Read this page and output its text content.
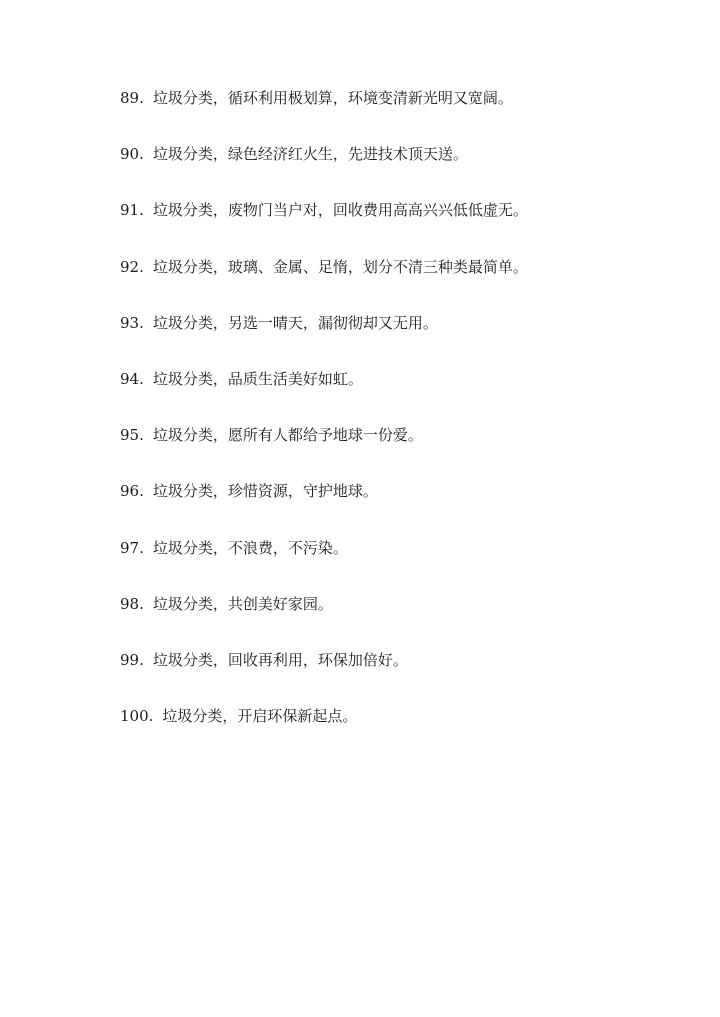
89. 垃圾分类，循环利用极划算，环境变清新光明又宽阔。
90. 垃圾分类，绿色经济红火生，先进技术顶天送。
91. 垃圾分类，废物门当户对，回收费用高高兴兴低低虚无。
92. 垃圾分类，玻璃、金属、足惰，划分不清三种类最简单。
93. 垃圾分类，另选一晴天，漏彻彻却又无用。
94. 垃圾分类，品质生活美好如虹。
95. 垃圾分类，愿所有人都给予地球一份爱。
96. 垃圾分类，珍惜资源，守护地球。
97. 垃圾分类，不浪费，不污染。
98. 垃圾分类，共创美好家园。
99. 垃圾分类，回收再利用，环保加倍好。
100. 垃圾分类，开启环保新起点。
